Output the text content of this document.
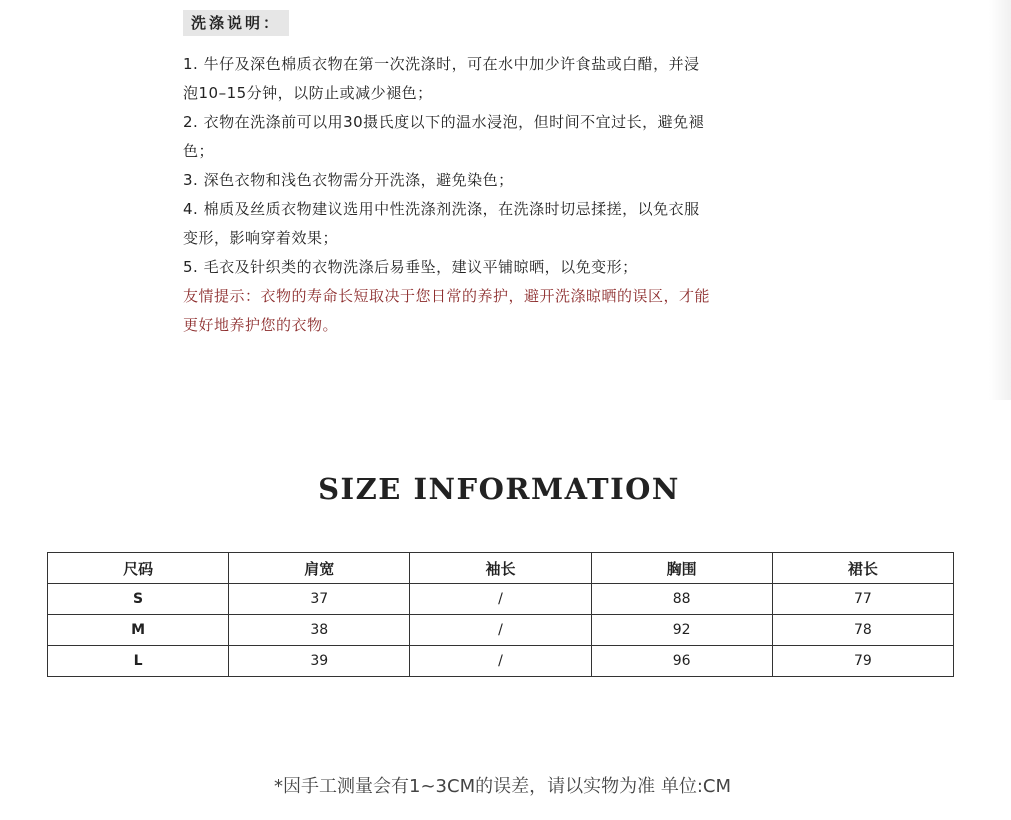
洗涤说明：
1. 牛仔及深色棉质衣物在第一次洗涤时，可在水中加少许食盐或白醋，并浸
泡10–15分钟，以防止或减少褪色；
2. 衣物在洗涤前可以用30摄氏度以下的温水浸泡，但时间不宜过长，避免褪
色；
3. 深色衣物和浅色衣物需分开洗涤，避免染色；
4. 棉质及丝质衣物建议选用中性洗涤剂洗涤，在洗涤时切忌揉搓，以免衣服
变形，影响穿着效果；
5. 毛衣及针织类的衣物洗涤后易垂坠，建议平铺晾晒，以免变形；
友情提示：衣物的寿命长短取决于您日常的养护，避开洗涤晾晒的误区，才能
更好地养护您的衣物。
SIZE INFORMATION
尺码	肩宽	袖长	胸围	裙长
S	37	/	88	77
M	38	/	92	78
L	39	/	96	79
*因手工测量会有1~3CM的误差，请以实物为准 单位:CM
